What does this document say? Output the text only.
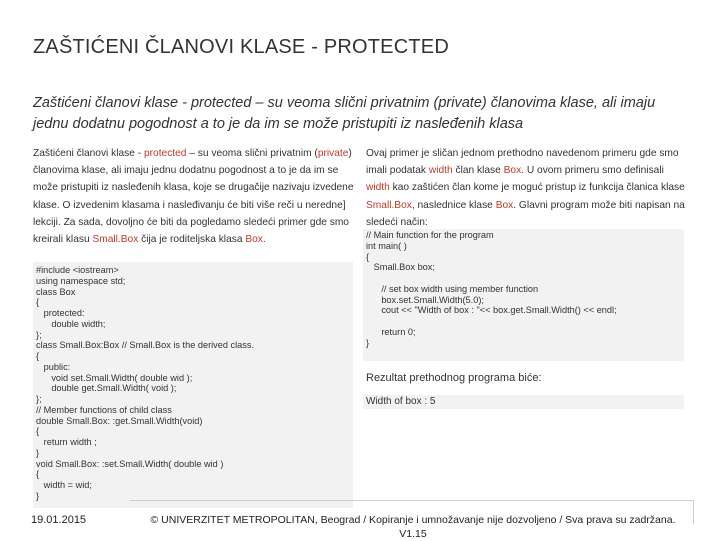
ZAŠTIĆENI ČLANOVI KLASE - PROTECTED
Zaštićeni članovi klase - protected – su veoma slični privatnim (private) članovima klase, ali imaju jednu dodatnu pogodnost a to je da im se može pristupiti iz nasleđenih klasa
Zaštićeni članovi klase - protected – su veoma slični privatnim (private) članovima klase, ali imaju jednu dodatnu pogodnost a to je da im se može pristupiti iz nasleđenih klasa, koje se drugačije nazivaju izvedene klase. O izvedenim klasama i nasleđivanju će biti više reči u neredne] lekciji. Za sada, dovoljno će biti da pogledamo sledeći primer gde smo kreirali klasu Small.Box čija je roditeljska klasa Box.
#include <iostream>
using namespace std;
class Box
{
protected:
double width;
};
class Small.Box:Box // Small.Box is the derived class.
{
public:
void set.Small.Width( double wid );
double get.Small.Width( void );
};
// Member functions of child class
double Small.Box: :get.Small.Width(void)
{
return width ;
}
void Small.Box: :set.Small.Width( double wid )
{
width = wid;
}
Ovaj primer je sličan jednom prethodno navedenom primeru gde smo imali podatak width član klase Box. U ovom primeru smo definisali width kao zaštićen član kome je moguć pristup iz funkcija članica klase Small.Box, naslednice klase Box. Glavni program može biti napisan na sledeći način:
// Main function for the program
int main( )
{
Small.Box box;

// set box width using member function
box.set.Small.Width(5.0);
cout << "Width of box : "<< box.get.Small.Width() << endl;

return 0;
}
Rezultat prethodnog programa biće:
Width of box : 5
19.01.2015	© UNIVERZITET METROPOLITAN, Beograd / Kopiranje i umnožavanje nije dozvoljeno / Sva prava su zadržana.
V1.15
